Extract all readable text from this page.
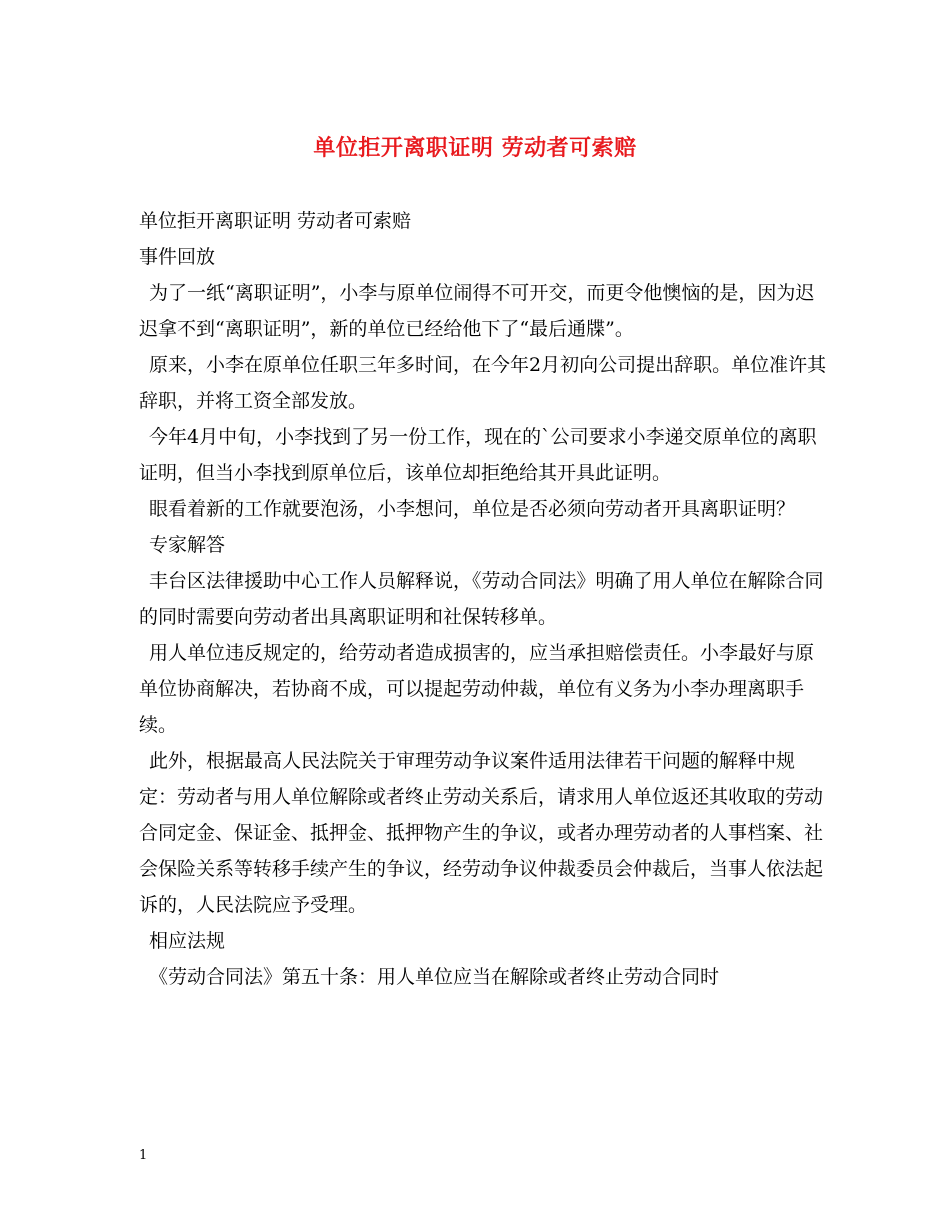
单位拒开离职证明 劳动者可索赔

单位拒开离职证明 劳动者可索赔

事件回放

为了一纸“离职证明”，小李与原单位闹得不可开交，而更令他懊恼的是，因为迟迟拿不到“离职证明”，新的单位已经给他下了“最后通牒”。

原来，小李在原单位任职三年多时间，在今年2月初向公司提出辞职。单位准许其辞职，并将工资全部发放。

今年4月中旬，小李找到了另一份工作，现在的`公司要求小李递交原单位的离职证明，但当小李找到原单位后，该单位却拒绝给其开具此证明。

眼看着新的工作就要泡汤，小李想问，单位是否必须向劳动者开具离职证明？

专家解答

丰台区法律援助中心工作人员解释说，《劳动合同法》明确了用人单位在解除合同的同时需要向劳动者出具离职证明和社保转移单。

用人单位违反规定的，给劳动者造成损害的，应当承担赔偿责任。小李最好与原单位协商解决，若协商不成，可以提起劳动仲裁，单位有义务为小李办理离职手续。

此外，根据最高人民法院关于审理劳动争议案件适用法律若干问题的解释中规定：劳动者与用人单位解除或者终止劳动关系后，请求用人单位返还其收取的劳动合同定金、保证金、抵押金、抵押物产生的争议，或者办理劳动者的人事档案、社会保险关系等转移手续产生的争议，经劳动争议仲裁委员会仲裁后，当事人依法起诉的，人民法院应予受理。

相应法规

《劳动合同法》第五十条：用人单位应当在解除或者终止劳动合同时

1
